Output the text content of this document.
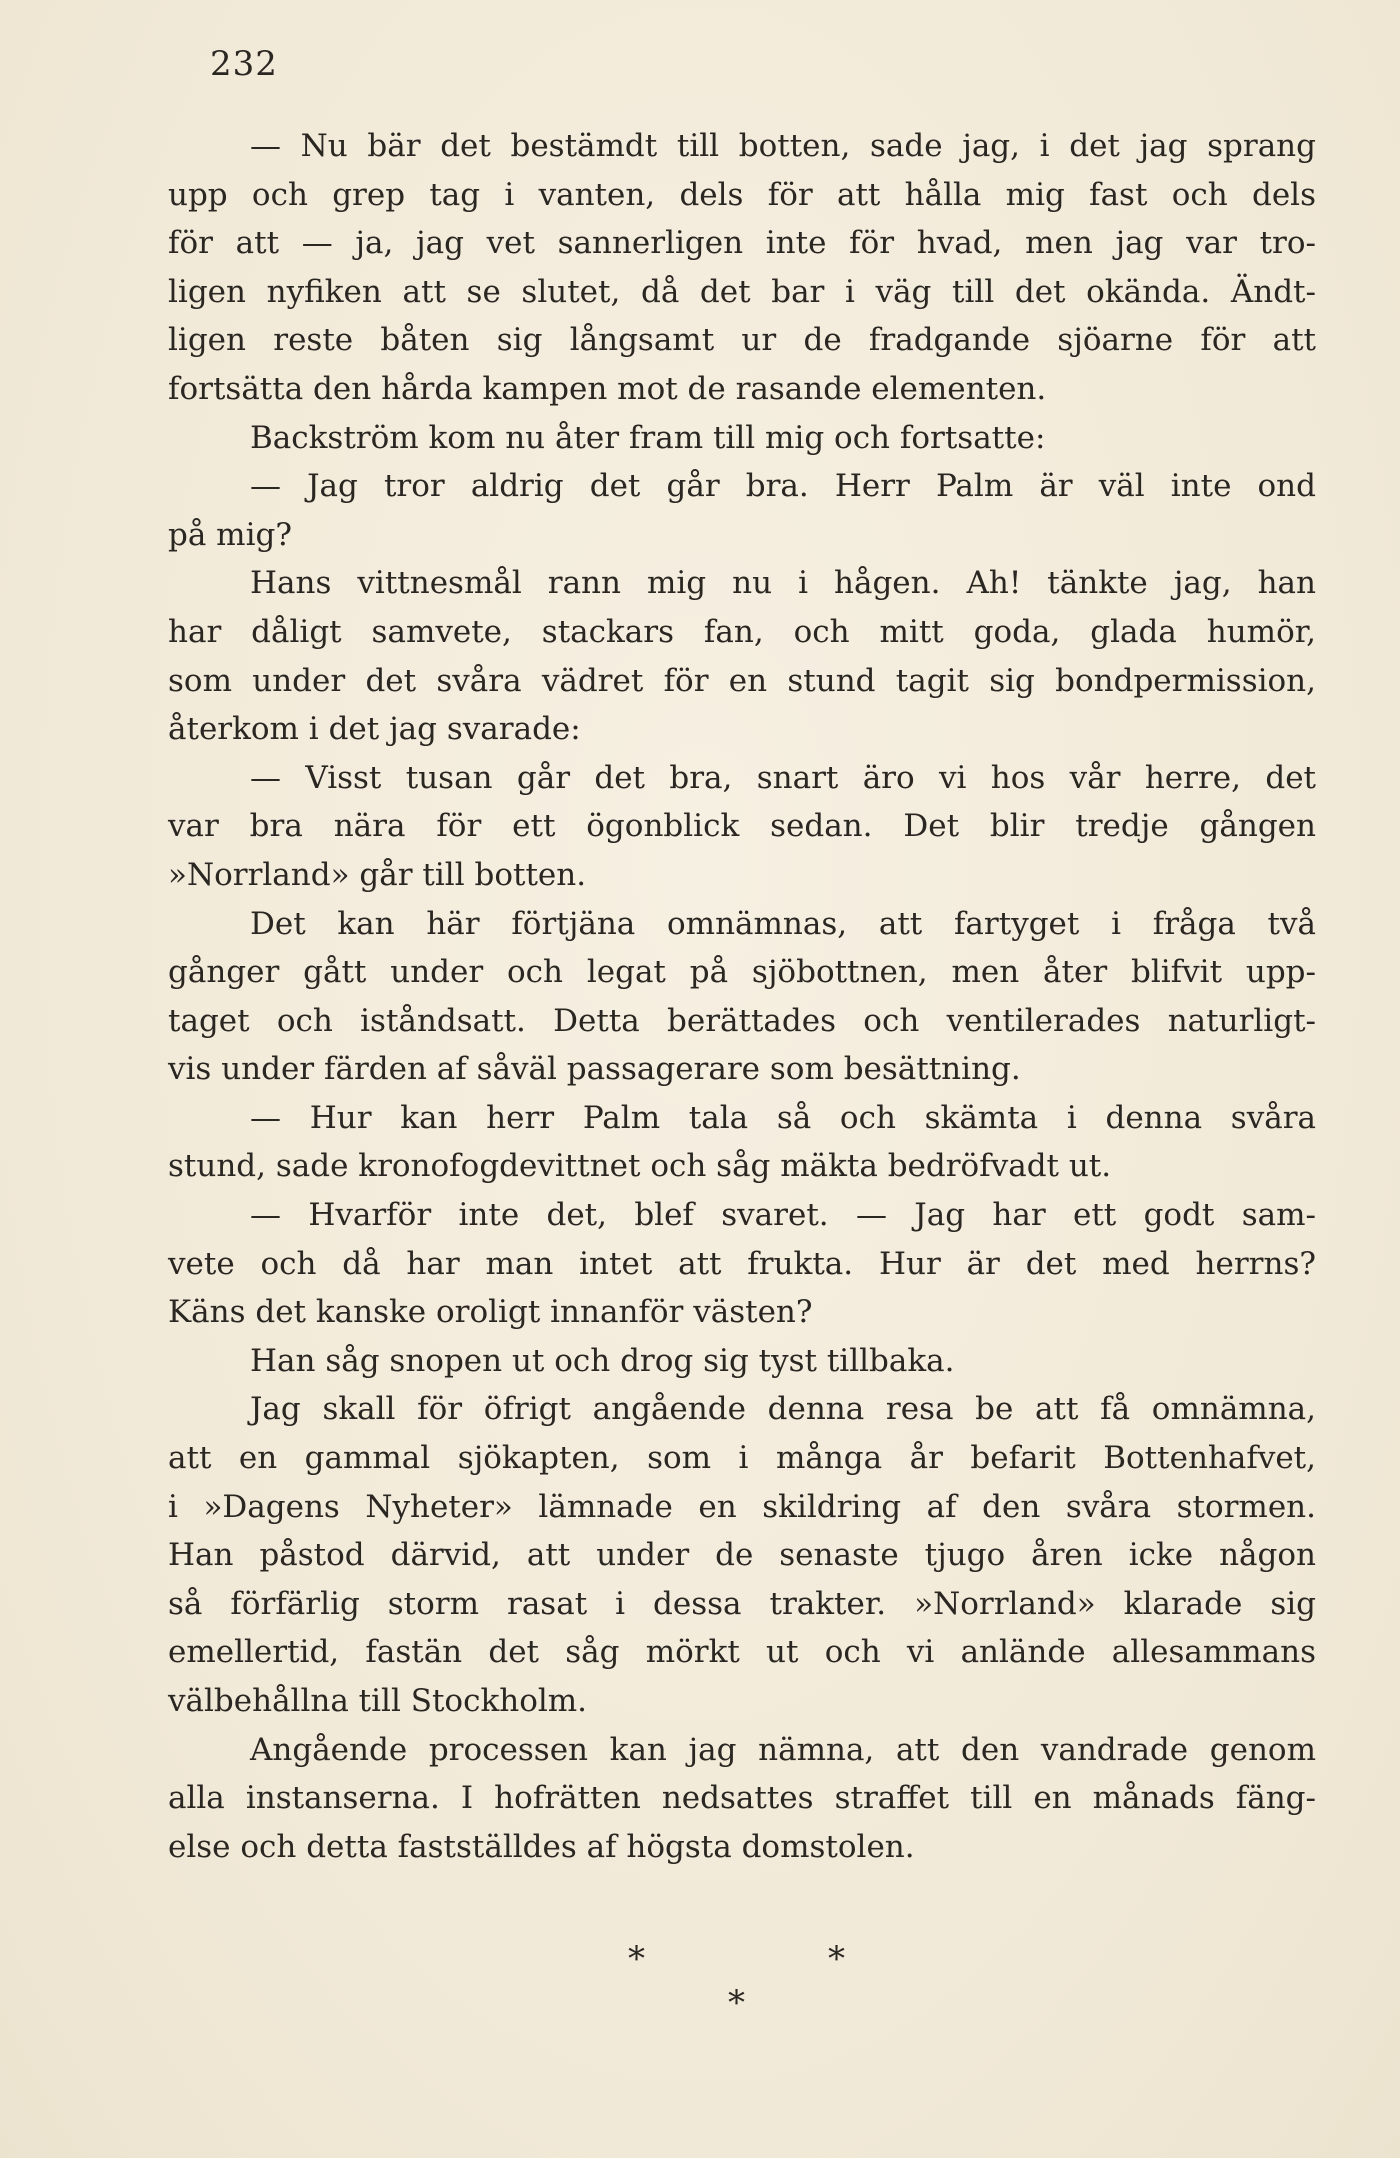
232
— Nu bär det bestämdt till botten, sade jag, i det jag sprang
upp och grep tag i vanten, dels för att hålla mig fast och dels
för att — ja, jag vet sannerligen inte för hvad, men jag var tro-
ligen nyfiken att se slutet, då det bar i väg till det okända. Ändt-
ligen reste båten sig långsamt ur de fradgande sjöarne för att
fortsätta den hårda kampen mot de rasande elementen.
Backström kom nu åter fram till mig och fortsatte:
— Jag tror aldrig det går bra. Herr Palm är väl inte ond
på mig?
Hans vittnesmål rann mig nu i hågen. Ah! tänkte jag, han
har dåligt samvete, stackars fan, och mitt goda, glada humör,
som under det svåra vädret för en stund tagit sig bondpermission,
återkom i det jag svarade:
— Visst tusan går det bra, snart äro vi hos vår herre, det
var bra nära för ett ögonblick sedan. Det blir tredje gången
»Norrland» går till botten.
Det kan här förtjäna omnämnas, att fartyget i fråga två
gånger gått under och legat på sjöbottnen, men åter blifvit upp-
taget och iståndsatt. Detta berättades och ventilerades naturligt-
vis under färden af såväl passagerare som besättning.
— Hur kan herr Palm tala så och skämta i denna svåra
stund, sade kronofogdevittnet och såg mäkta bedröfvadt ut.
— Hvarför inte det, blef svaret. — Jag har ett godt sam-
vete och då har man intet att frukta. Hur är det med herrns?
Käns det kanske oroligt innanför västen?
Han såg snopen ut och drog sig tyst tillbaka.
Jag skall för öfrigt angående denna resa be att få omnämna,
att en gammal sjökapten, som i många år befarit Bottenhafvet,
i »Dagens Nyheter» lämnade en skildring af den svåra stormen.
Han påstod därvid, att under de senaste tjugo åren icke någon
så förfärlig storm rasat i dessa trakter. »Norrland» klarade sig
emellertid, fastän det såg mörkt ut och vi anlände allesammans
välbehållna till Stockholm.
Angående processen kan jag nämna, att den vandrade genom
alla instanserna. I hofrätten nedsattes straffet till en månads fäng-
else och detta fastställdes af högsta domstolen.
*	*
*
